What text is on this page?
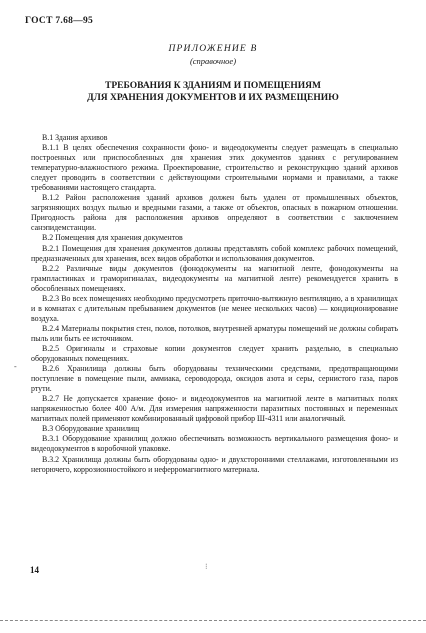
ГОСТ 7.68—95
ПРИЛОЖЕНИЕ В
(справочное)
ТРЕБОВАНИЯ К ЗДАНИЯМ И ПОМЕЩЕНИЯМ
ДЛЯ ХРАНЕНИЯ ДОКУМЕНТОВ И ИХ РАЗМЕЩЕНИЮ

В.1 Здания архивов

В.1.1 В целях обеспечения сохранности фоно- и видеодокументы следует размещать в специально построенных или приспособленных для хранения этих документов зданиях с регулированием температурно-влажностного режима. Проектирование, строительство и реконструкцию зданий архивов следует проводить в соответствии с действующими строительными нормами и правилами, а также требованиями настоящего стандарта.

В.1.2 Район расположения зданий архивов должен быть удален от промышленных объектов, загрязняющих воздух пылью и вредными газами, а также от объектов, опасных в пожарном отношении. Пригодность района для расположения архивов определяют в соответствии с заключением санэпидемстанции.

В.2 Помещения для хранения документов

В.2.1 Помещения для хранения документов должны представлять собой комплекс рабочих помещений, предназначенных для хранения, всех видов обработки и использования документов.

В.2.2 Различные виды документов (фонодокументы на магнитной ленте, фонодокументы на грампластинках и граморигиналах, видеодокументы на магнитной ленте) рекомендуется хранить в обособленных помещениях.

В.2.3 Во всех помещениях необходимо предусмотреть приточно-вытяжную вентиляцию, а в хранилищах и в комнатах с длительным пребыванием документов (не менее нескольких часов) — кондиционирование воздуха.

В.2.4 Материалы покрытия стен, полов, потолков, внутренней арматуры помещений не должны собирать пыль или быть ее источником.

В.2.5 Оригиналы и страховые копии документов следует хранить раздельно, в специально оборудованных помещениях.

В.2.6 Хранилища должны быть оборудованы техническими средствами, предотвращающими поступление в помещение пыли, аммиака, сероводорода, оксидов азота и серы, сернистого газа, паров ртути.

В.2.7 Не допускается хранение фоно- и видеодокументов на магнитной ленте в магнитных полях напряженностью более 400 А/м. Для измерения напряженности паразитных постоянных и переменных магнитных полей применяют комбинированный цифровой прибор Ш-4311 или аналогичный.

В.3 Оборудование хранилищ

В.3.1 Оборудование хранилищ должно обеспечивать возможность вертикального размещения фоно- и видеодокументов в коробочной упаковке.

В.3.2 Хранилища должны быть оборудованы одно- и двухсторонними стеллажами, изготовленными из негорючего, коррозионностойкого и неферромагнитного материала.

-
⁝
14
